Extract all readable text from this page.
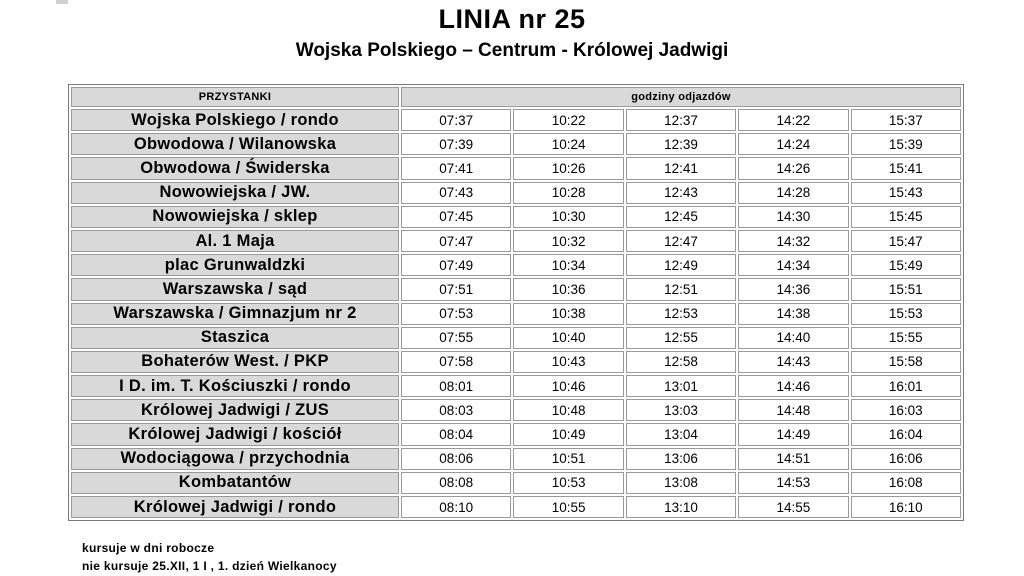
LINIA nr 25
Wojska Polskiego – Centrum - Królowej Jadwigi
PRZYSTANKI	godziny odjazdów				
Wojska Polskiego / rondo	07:37	10:22	12:37	14:22	15:37
Obwodowa / Wilanowska	07:39	10:24	12:39	14:24	15:39
Obwodowa / Świderska	07:41	10:26	12:41	14:26	15:41
Nowowiejska / JW.	07:43	10:28	12:43	14:28	15:43
Nowowiejska / sklep	07:45	10:30	12:45	14:30	15:45
Al. 1 Maja	07:47	10:32	12:47	14:32	15:47
plac Grunwaldzki	07:49	10:34	12:49	14:34	15:49
Warszawska / sąd	07:51	10:36	12:51	14:36	15:51
Warszawska / Gimnazjum nr 2	07:53	10:38	12:53	14:38	15:53
Staszica	07:55	10:40	12:55	14:40	15:55
Bohaterów West. / PKP	07:58	10:43	12:58	14:43	15:58
I D. im. T. Kościuszki / rondo	08:01	10:46	13:01	14:46	16:01
Królowej Jadwigi / ZUS	08:03	10:48	13:03	14:48	16:03
Królowej Jadwigi / kościół	08:04	10:49	13:04	14:49	16:04
Wodociągowa / przychodnia	08:06	10:51	13:06	14:51	16:06
Kombatantów	08:08	10:53	13:08	14:53	16:08
Królowej Jadwigi / rondo	08:10	10:55	13:10	14:55	16:10
kursuje w dni robocze
nie kursuje 25.XII, 1 I , 1. dzień Wielkanocy
